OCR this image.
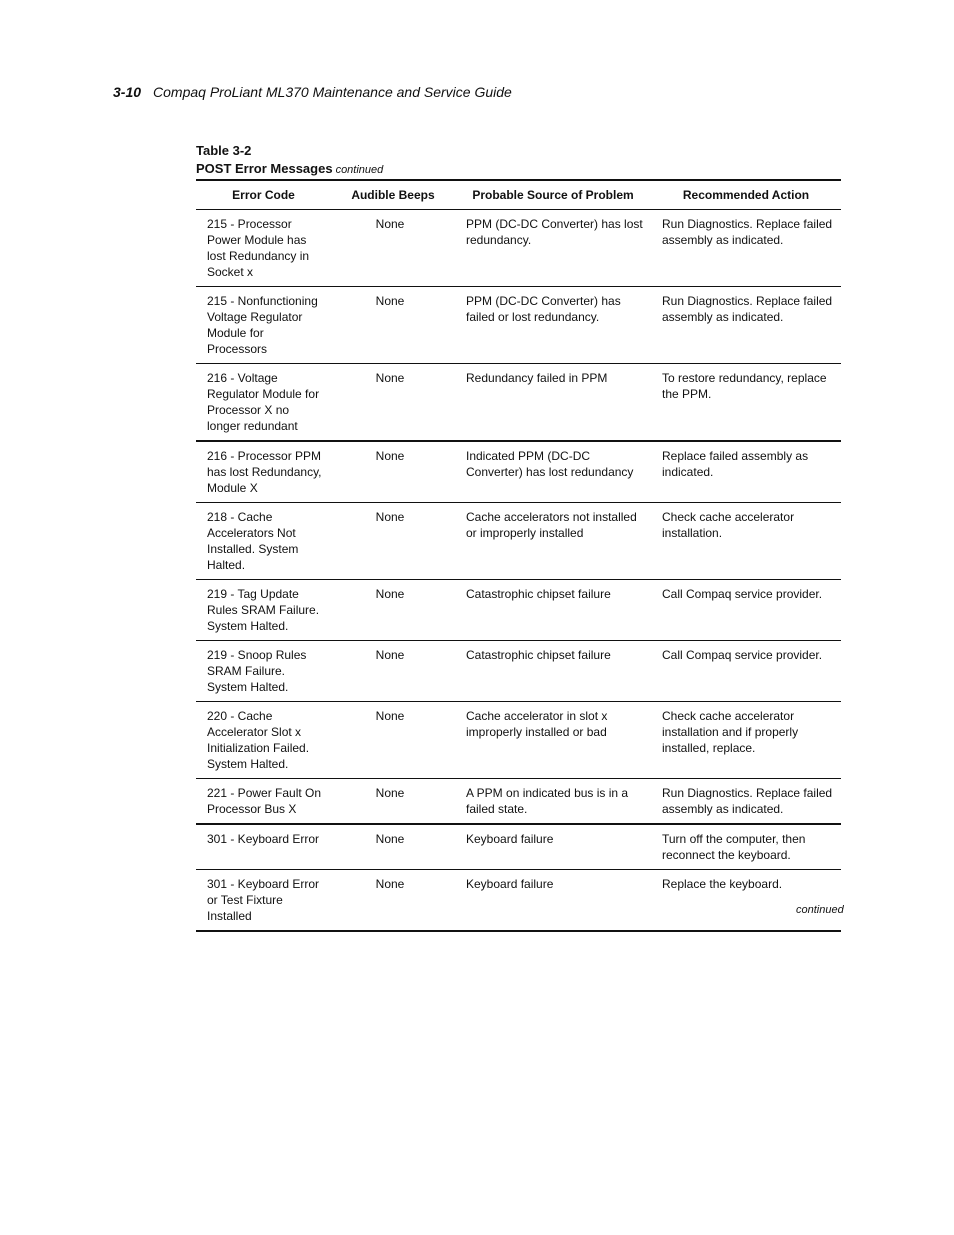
3-10 Compaq ProLiant ML370 Maintenance and Service Guide
Table 3-2
POST Error Messages continued
Error Code	Audible Beeps	Probable Source of Problem	Recommended Action
215 - Processor Power Module has lost Redundancy in Socket x	None	PPM (DC-DC Converter) has lost redundancy.	Run Diagnostics. Replace failed assembly as indicated.
215 - Nonfunctioning Voltage Regulator Module for Processors	None	PPM (DC-DC Converter) has failed or lost redundancy.	Run Diagnostics. Replace failed assembly as indicated.
216 - Voltage Regulator Module for Processor X no longer redundant	None	Redundancy failed in PPM	To restore redundancy, replace the PPM.
216 - Processor PPM has lost Redundancy, Module X	None	Indicated PPM (DC-DC Converter) has lost redundancy	Replace failed assembly as indicated.
218 - Cache Accelerators Not Installed. System Halted.	None	Cache accelerators not installed or improperly installed	Check cache accelerator installation.
219 - Tag Update Rules SRAM Failure. System Halted.	None	Catastrophic chipset failure	Call Compaq service provider.
219 - Snoop Rules SRAM Failure. System Halted.	None	Catastrophic chipset failure	Call Compaq service provider.
220 - Cache Accelerator Slot x Initialization Failed. System Halted.	None	Cache accelerator in slot x improperly installed or bad	Check cache accelerator installation and if properly installed, replace.
221 - Power Fault On Processor Bus X	None	A PPM on indicated bus is in a failed state.	Run Diagnostics. Replace failed assembly as indicated.
301 - Keyboard Error	None	Keyboard failure	Turn off the computer, then reconnect the keyboard.
301 - Keyboard Error or Test Fixture Installed	None	Keyboard failure	Replace the keyboard.
continued
